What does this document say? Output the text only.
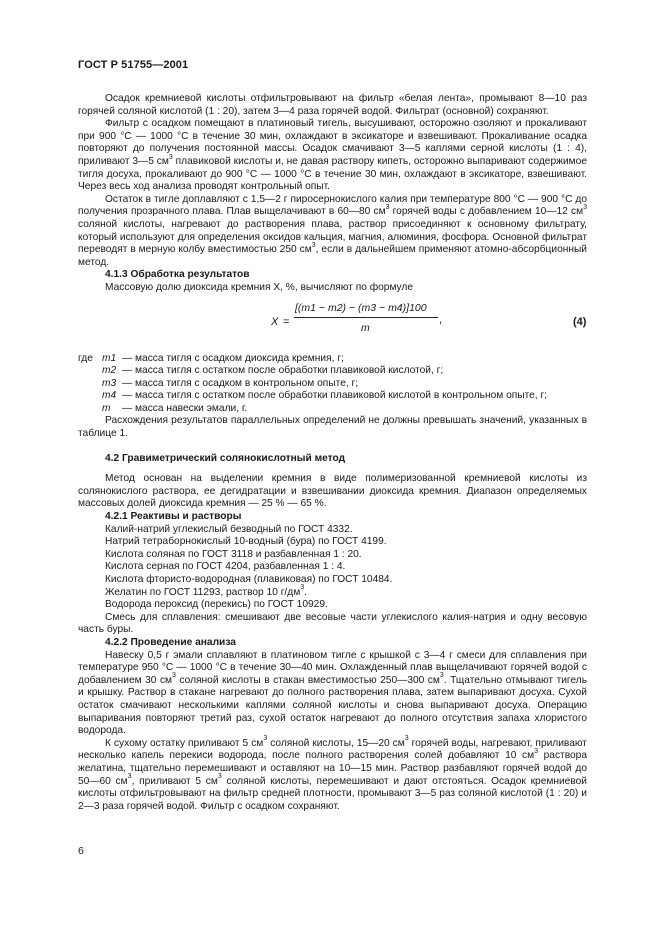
ГОСТ Р 51755—2001

Осадок кремниевой кислоты отфильтровывают на фильтр «белая лента», промывают 8—10 раз горячей соляной кислотой (1 : 20), затем 3—4 раза горячей водой. Фильтрат (основной) сохраняют.

Фильтр с осадком помещают в платиновый тигель, высушивают, осторожно озоляют и прокаливают при 900 °С — 1000 °С в течение 30 мин, охлаждают в эксикаторе и взвешивают. Прокаливание осадка повторяют до получения постоянной массы. Осадок смачивают 3—5 каплями серной кислоты (1 : 4), приливают 3—5 $см^3$ плавиковой кислоты и, не давая раствору кипеть, осторожно выпаривают содержимое тигля досуха, прокаливают до 900 °С — 1000 °С в течение 30 мин, охлаждают в эксикаторе, взвешивают. Через весь ход анализа проводят контрольный опыт.

Остаток в тигле доплавляют с 1,5—2 г пиросернокислого калия при температуре 800 °С — 900 °С до получения прозрачного плава. Плав выщелачивают в 60—80 $см^3$ горячей воды с добавлением 10—12 $см^3$ соляной кислоты, нагревают до растворения плава, раствор присоединяют к основному фильтрату, который используют для определения оксидов кальция, магния, алюминия, фосфора. Основной фильтрат переводят в мерную колбу вместимостью 250 $см^3$, если в дальнейшем применяют атомно-абсорбционный метод.

4.1.3 Обработка результатов

Массовую долю диоксида кремния X, %, вычисляют по формуле

X =
[(m1 − m2) − (m3 − m4)]100
m
,	(4)
где m1 — масса тигля с осадком диоксида кремния, г;
m2 — масса тигля с остатком после обработки плавиковой кислотой, г;
m3 — масса тигля с осадком в контрольном опыте, г;
m4 — масса тигля с остатком после обработки плавиковой кислотой в контрольном опыте, г;
m — масса навески эмали, г.

Расхождения результатов параллельных определений не должны превышать значений, указанных в таблице 1.

4.2 Гравиметрический солянокислотный метод

Метод основан на выделении кремния в виде полимеризованной кремниевой кислоты из солянокислого раствора, ее дегидратации и взвешивании диоксида кремния. Диапазон определяемых массовых долей диоксида кремния — 25 % — 65 %.

4.2.1 Реактивы и растворы

Калий-натрий углекислый безводный по ГОСТ 4332.

Натрий тетраборнокислый 10-водный (бура) по ГОСТ 4199.

Кислота соляная по ГОСТ 3118 и разбавленная 1 : 20.

Кислота серная по ГОСТ 4204, разбавленная 1 : 4.

Кислота фтористо-водородная (плавиковая) по ГОСТ 10484.

Желатин по ГОСТ 11293, раствор 10 $г/дм^3$.

Водорода пероксид (перекись) по ГОСТ 10929.

Смесь для сплавления: смешивают две весовые части углекислого калия-натрия и одну весовую часть буры.

4.2.2 Проведение анализа

Навеску 0,5 г эмали сплавляют в платиновом тигле с крышкой с 3—4 г смеси для сплавления при температуре 950 °С — 1000 °С в течение 30—40 мин. Охлажденный плав выщелачивают горячей водой с добавлением 30 $см^3$ соляной кислоты в стакан вместимостью 250—300 $см^3$. Тщательно отмывают тигель и крышку. Раствор в стакане нагревают до полного растворения плава, затем выпаривают досуха. Сухой остаток смачивают несколькими каплями соляной кислоты и снова выпаривают досуха. Операцию выпаривания повторяют третий раз, сухой остаток нагревают до полного отсутствия запаха хлористого водорода.

К сухому остатку приливают 5 $см^3$ соляной кислоты, 15—20 $см^3$ горячей воды, нагревают, приливают несколько капель перекиси водорода, после полного растворения солей добавляют 10 $см^3$ раствора желатина, тщательно перемешивают и оставляют на 10—15 мин. Раствор разбавляют горячей водой до 50—60 $см^3$, приливают 5 $см^3$ соляной кислоты, перемешивают и дают отстояться. Осадок кремниевой кислоты отфильтровывают на фильтр средней плотности, промывают 3—5 раз соляной кислотой (1 : 20) и 2—3 раза горячей водой. Фильтр с осадком сохраняют.

6
